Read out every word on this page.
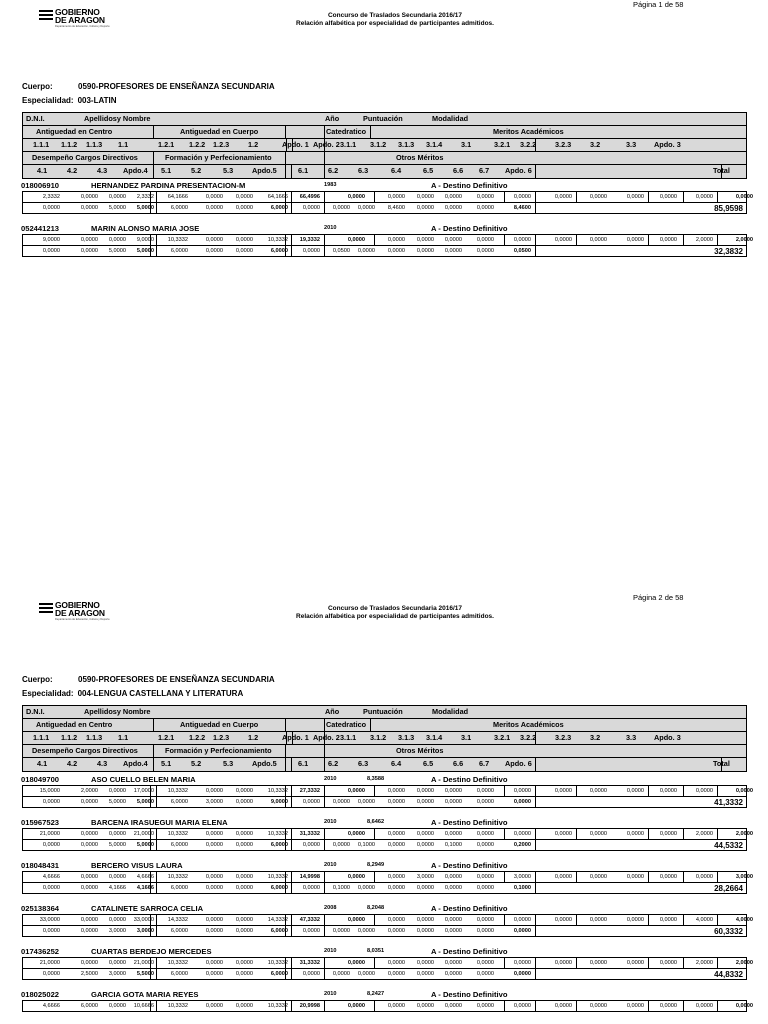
Página 1 de 58
GOBIERNO
DE ARAGON
Departamento de Educación, Cultura y Deporte
Concurso de Traslados Secundaria 2016/17
Relación alfabética por especialidad de participantes admitidos.
Cuerpo:	0590-PROFESORES DE ENSEÑANZA SECUNDARIA
Especialidad: 003-LATIN
D.N.I.	Apellidosy Nombre	Año	Puntuación	Modalidad
Antiguedad en Centro	Antiguedad en Cuerpo	Catedratico	Meritos Académicos
1.1.1 1.1.2 1.1.3 1.1	1.2.1 1.2.2 1.2.3	1.2	Apdo. 1 Apdo. 2 3.1.1 3.1.2 3.1.3 3.1.4	3.1	3.2.1 3.2.2	3.2.3	3.2	3.3 Apdo. 3
Desempeño Cargos Directivos	Formación y Perfecionamiento	Otros Méritos
4.1	4.2	4.3 Apdo.4 5.1	5.2	5.3	Apdo.5	6.1	6.2	6.3	6.4	6.5	6.6 6.7 Apdo. 6	Total
018006910	HERNANDEZ PARDINA PRESENTACION-M	1983	A - Destino Definitivo
2,3332	0,0000 0,0000 2,3332 64,1666	0,0000 0,0000	64,1666 66,4996	0,0000	0,0000 0,0000 0,0000	0,0000	0,0000	0,0000	0,0000	0,0000	0,0000	0,0000	0,0000
0,0000	0,0000 5,0000 5,0000	6,0000	0,0000 0,0000	6,0000	0,0000 0,0000 0,0000 8,4600 0,0000 0,0000	0,0000	8,4600	85,9598
052441213	MARIN ALONSO MARIA JOSE	2010	A - Destino Definitivo
9,0000	0,0000 0,0000 9,0000 10,3332	0,0000 0,0000	10,3332 19,3332	0,0000	0,0000 0,0000 0,0000	0,0000	0,0000	0,0000	0,0000	0,0000	0,0000	2,0000	2,0000
0,0000	0,0000 5,0000 5,0000	6,0000	0,0000 0,0000	6,0000	0,0000 0,0500 0,0000 0,0000 0,0000 0,0000	0,0000	0,0500	32,3832
Página 2 de 58
GOBIERNO
DE ARAGON
Departamento de Educación, Cultura y Deporte
Concurso de Traslados Secundaria 2016/17
Relación alfabética por especialidad de participantes admitidos.
Cuerpo:	0590-PROFESORES DE ENSEÑANZA SECUNDARIA
Especialidad: 004-LENGUA CASTELLANA Y LITERATURA
D.N.I.	Apellidosy Nombre	Año	Puntuación	Modalidad
Antiguedad en Centro	Antiguedad en Cuerpo	Catedratico	Meritos Académicos
1.1.1 1.1.2 1.1.3 1.1	1.2.1 1.2.2 1.2.3	1.2	Apdo. 1 Apdo. 2 3.1.1 3.1.2 3.1.3 3.1.4	3.1	3.2.1 3.2.2	3.2.3	3.2	3.3 Apdo. 3
Desempeño Cargos Directivos	Formación y Perfecionamiento	Otros Méritos
4.1	4.2	4.3 Apdo.4 5.1	5.2	5.3	Apdo.5	6.1	6.2	6.3	6.4	6.5	6.6 6.7 Apdo. 6	Total
018049700	ASO CUELLO BELEN MARIA	2010	8,3588	A - Destino Definitivo
15,0000	2,0000 0,0000 17,0000 10,3332	0,0000 0,0000	10,3332 27,3332	0,0000	0,0000 0,0000 0,0000	0,0000	0,0000	0,0000	0,0000	0,0000	0,0000	0,0000	0,0000
0,0000	0,0000 5,0000 5,0000	6,0000	3,0000 0,0000	9,0000	0,0000 0,0000 0,0000 0,0000 0,0000 0,0000	0,0000	0,0000	41,3332
015967523	BARCENA IRASUEGUI MARIA ELENA	2010	8,6462	A - Destino Definitivo
21,0000	0,0000 0,0000 21,0000 10,3332	0,0000 0,0000	10,3332 31,3332	0,0000	0,0000 0,0000 0,0000	0,0000	0,0000	0,0000	0,0000	0,0000	0,0000	2,0000	2,0000
0,0000	0,0000 5,0000 5,0000	6,0000	0,0000 0,0000	6,0000	0,0000 0,0000 0,1000 0,0000 0,0000 0,1000	0,0000	0,2000	44,5332
018048431	BERCERO VISUS LAURA	2010	8,2949	A - Destino Definitivo
4,6666	0,0000 0,0000 4,6666 10,3332	0,0000 0,0000	10,3332 14,9998	0,0000	0,0000 3,0000 0,0000	0,0000	3,0000	0,0000	0,0000	0,0000	0,0000	0,0000	3,0000
0,0000	0,0000 4,1666 4,1666	6,0000	0,0000 0,0000	6,0000	0,0000 0,1000 0,0000 0,0000 0,0000 0,0000	0,0000	0,1000	28,2664
025138364	CATALINETE SARROCA CELIA	2008	8,2048	A - Destino Definitivo
33,0000	0,0000 0,0000 33,0000 14,3332	0,0000 0,0000	14,3332 47,3332	0,0000	0,0000 0,0000 0,0000	0,0000	0,0000	0,0000	0,0000	0,0000	0,0000	4,0000	4,0000
0,0000	0,0000 3,0000 3,0000	6,0000	0,0000 0,0000	6,0000	0,0000 0,0000 0,0000 0,0000 0,0000 0,0000	0,0000	0,0000	60,3332
017436252	CUARTAS BERDEJO MERCEDES	2010	8,0351	A - Destino Definitivo
21,0000	0,0000 0,0000 21,0000 10,3332	0,0000 0,0000	10,3332 31,3332	0,0000	0,0000 0,0000 0,0000	0,0000	0,0000	0,0000	0,0000	0,0000	0,0000	2,0000	2,0000
0,0000	2,5000 3,0000 5,5000	6,0000	0,0000 0,0000	6,0000	0,0000 0,0000 0,0000 0,0000 0,0000 0,0000	0,0000	0,0000	44,8332
018025022	GARCIA GOTA MARIA REYES	2010	8,2427	A - Destino Definitivo
4,6666	6,0000 0,0000 10,6666 10,3332	0,0000 0,0000	10,3332 20,9998	0,0000	0,0000 0,0000 0,0000	0,0000	0,0000	0,0000	0,0000	0,0000	0,0000	0,0000	0,0000
